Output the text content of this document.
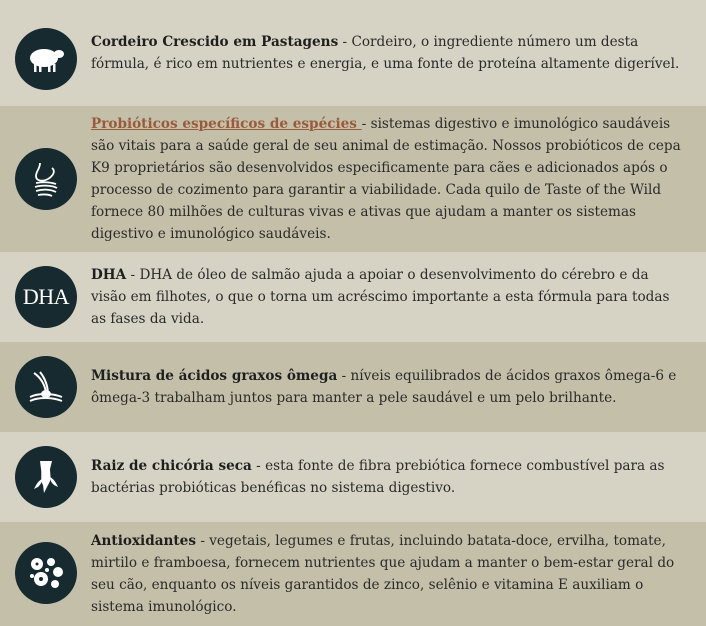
Cordeiro Crescido em Pastagens - Cordeiro, o ingrediente número um desta fórmula, é rico em nutrientes e energia, e uma fonte de proteína altamente digerível.
Probióticos específicos de espécies - sistemas digestivo e imunológico saudáveis são vitais para a saúde geral de seu animal de estimação. Nossos probióticos de cepa K9 proprietários são desenvolvidos especificamente para cães e adicionados após o processo de cozimento para garantir a viabilidade. Cada quilo de Taste of the Wild fornece 80 milhões de culturas vivas e ativas que ajudam a manter os sistemas digestivo e imunológico saudáveis.
DHA
DHA - DHA de óleo de salmão ajuda a apoiar o desenvolvimento do cérebro e da visão em filhotes, o que o torna um acréscimo importante a esta fórmula para todas as fases da vida.
Mistura de ácidos graxos ômega - níveis equilibrados de ácidos graxos ômega-6 e ômega-3 trabalham juntos para manter a pele saudável e um pelo brilhante.
Raiz de chicória seca - esta fonte de fibra prebiótica fornece combustível para as bactérias probióticas benéficas no sistema digestivo.
Antioxidantes - vegetais, legumes e frutas, incluindo batata-doce, ervilha, tomate, mirtilo e framboesa, fornecem nutrientes que ajudam a manter o bem-estar geral do seu cão, enquanto os níveis garantidos de zinco, selênio e vitamina E auxiliam o sistema imunológico.
